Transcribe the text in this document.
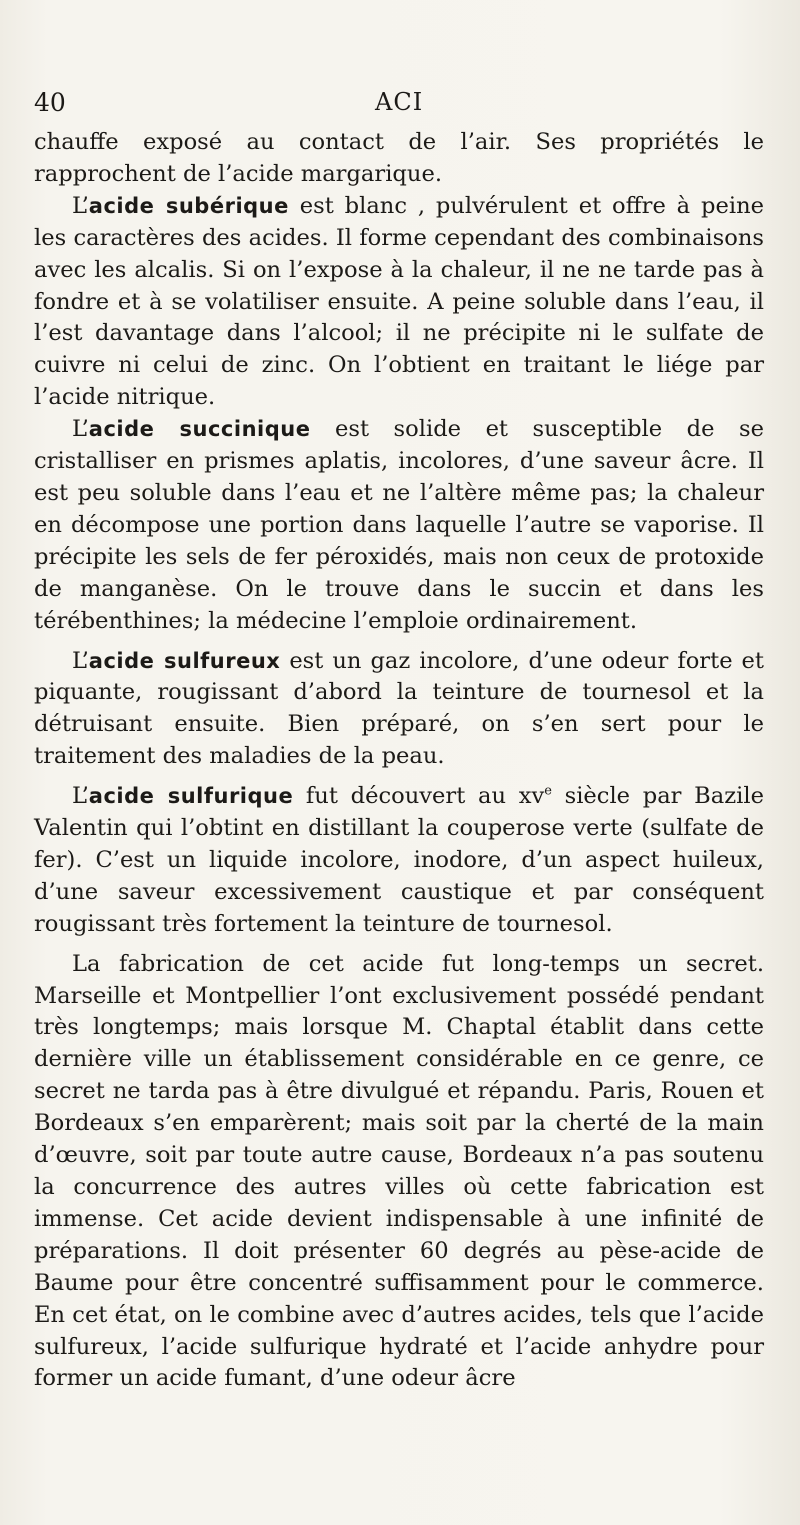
40	ACI

chauffe exposé au contact de l’air. Ses propriétés le rapprochent de l’acide margarique.

L’acide subérique est blanc , pulvérulent et offre à peine les caractères des acides. Il forme cependant des combinaisons avec les alcalis. Si on l’expose à la chaleur, il ne ne tarde pas à fondre et à se volatiliser ensuite. A peine soluble dans l’eau, il l’est davantage dans l’alcool; il ne précipite ni le sulfate de cuivre ni celui de zinc. On l’obtient en traitant le liége par l’acide nitrique.

L’acide succinique est solide et susceptible de se cristalliser en prismes aplatis, incolores, d’une saveur âcre. Il est peu soluble dans l’eau et ne l’altère même pas; la chaleur en décompose une portion dans laquelle l’autre se vaporise. Il précipite les sels de fer péroxidés, mais non ceux de protoxide de manganèse. On le trouve dans le succin et dans les térébenthines; la médecine l’emploie ordinairement.

L’acide sulfureux est un gaz incolore, d’une odeur forte et piquante, rougissant d’abord la teinture de tournesol et la détruisant ensuite. Bien préparé, on s’en sert pour le traitement des maladies de la peau.

L’acide sulfurique fut découvert au $xv^e$ siècle par Bazile Valentin qui l’obtint en distillant la couperose verte (sulfate de fer). C’est un liquide incolore, inodore, d’un aspect huileux, d’une saveur excessivement caustique et par conséquent rougissant très fortement la teinture de tournesol.

La fabrication de cet acide fut long-temps un secret. Marseille et Montpellier l’ont exclusivement possédé pendant très longtemps; mais lorsque M. Chaptal établit dans cette dernière ville un établissement considérable en ce genre, ce secret ne tarda pas à être divulgué et répandu. Paris, Rouen et Bordeaux s’en emparèrent; mais soit par la cherté de la main d’œuvre, soit par toute autre cause, Bordeaux n’a pas soutenu la concurrence des autres villes où cette fabrication est immense. Cet acide devient indispensable à une infinité de préparations. Il doit présenter 60 degrés au pèse-acide de Baume pour être concentré suffisamment pour le commerce. En cet état, on le combine avec d’autres acides, tels que l’acide sulfureux, l’acide sulfurique hydraté et l’acide anhydre pour former un acide fumant, d’une odeur âcre
